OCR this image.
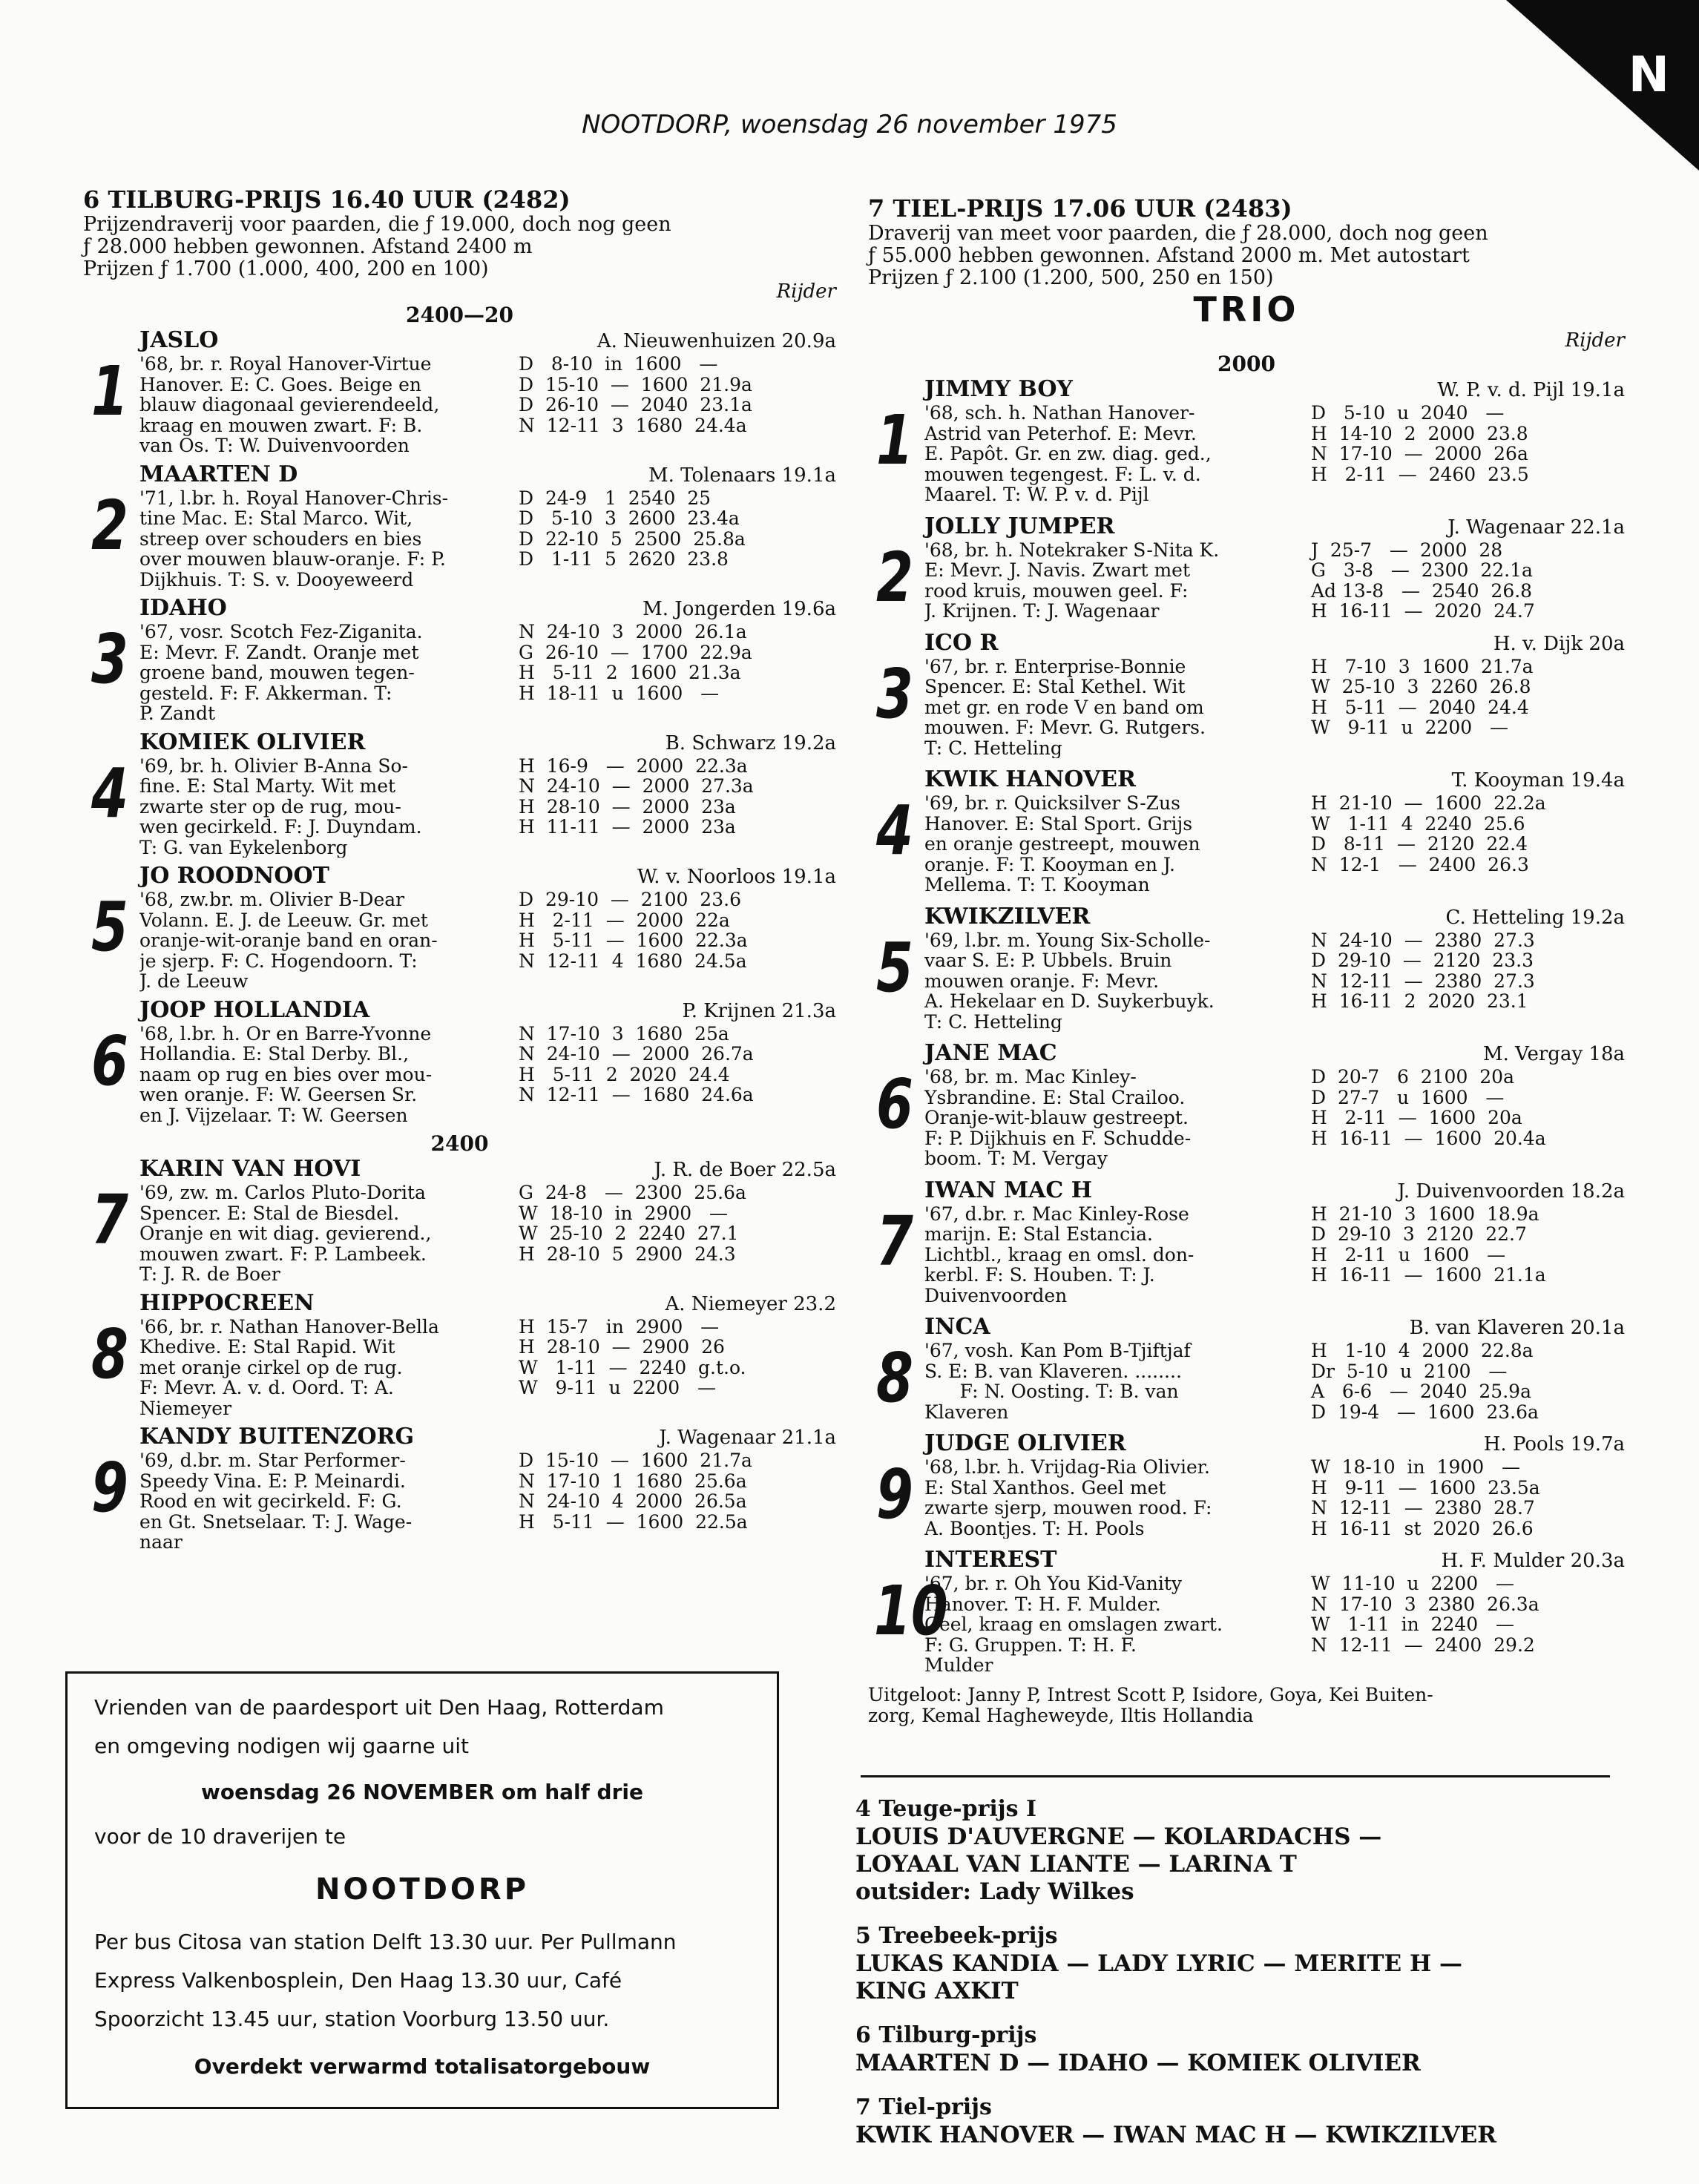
N
NOOTDORP, woensdag 26 november 1975
6 TILBURG-PRIJS 16.40 UUR (2482)
Prijzendraverij voor paarden, die ƒ 19.000, doch nog geen
ƒ 28.000 hebben gewonnen. Afstand 2400 m
Prijzen ƒ 1.700 (1.000, 400, 200 en 100)
Rijder
2400—20
1
JASLO	A. Nieuwenhuizen 20.9a
'68, br. r. Royal Hanover-Virtue
Hanover. E: C. Goes. Beige en
blauw diagonaal gevierendeeld,
kraag en mouwen zwart. F: B.
van Os. T: W. Duivenvoorden
D   8-10  in  1600   —
D  15-10  —  1600  21.9a
D  26-10  —  2040  23.1a
N  12-11  3  1680  24.4a
2
MAARTEN D	M. Tolenaars 19.1a
'71, l.br. h. Royal Hanover-Chris-
tine Mac. E: Stal Marco. Wit,
streep over schouders en bies
over mouwen blauw-oranje. F: P.
Dijkhuis. T: S. v. Dooyeweerd
D  24-9   1  2540  25
D   5-10  3  2600  23.4a
D  22-10  5  2500  25.8a
D   1-11  5  2620  23.8
3
IDAHO	M. Jongerden 19.6a
'67, vosr. Scotch Fez-Ziganita.
E: Mevr. F. Zandt. Oranje met
groene band, mouwen tegen-
gesteld. F: F. Akkerman. T:
P. Zandt
N  24-10  3  2000  26.1a
G  26-10  —  1700  22.9a
H   5-11  2  1600  21.3a
H  18-11  u  1600   —
4
KOMIEK OLIVIER	B. Schwarz 19.2a
'69, br. h. Olivier B-Anna So-
fine. E: Stal Marty. Wit met
zwarte ster op de rug, mou-
wen gecirkeld. F: J. Duyndam.
T: G. van Eykelenborg
H  16-9   —  2000  22.3a
N  24-10  —  2000  27.3a
H  28-10  —  2000  23a
H  11-11  —  2000  23a
5
JO ROODNOOT	W. v. Noorloos 19.1a
'68, zw.br. m. Olivier B-Dear
Volann. E. J. de Leeuw. Gr. met
oranje-wit-oranje band en oran-
je sjerp. F: C. Hogendoorn. T:
J. de Leeuw
D  29-10  —  2100  23.6
H   2-11  —  2000  22a
H   5-11  —  1600  22.3a
N  12-11  4  1680  24.5a
6
JOOP HOLLANDIA	P. Krijnen 21.3a
'68, l.br. h. Or en Barre-Yvonne
Hollandia. E: Stal Derby. Bl.,
naam op rug en bies over mou-
wen oranje. F: W. Geersen Sr.
en J. Vijzelaar. T: W. Geersen
N  17-10  3  1680  25a
N  24-10  —  2000  26.7a
H   5-11  2  2020  24.4
N  12-11  —  1680  24.6a
2400
7
KARIN VAN HOVI	J. R. de Boer 22.5a
'69, zw. m. Carlos Pluto-Dorita
Spencer. E: Stal de Biesdel.
Oranje en wit diag. gevierend.,
mouwen zwart. F: P. Lambeek.
T: J. R. de Boer
G  24-8   —  2300  25.6a
W  18-10  in  2900   —
W  25-10  2  2240  27.1
H  28-10  5  2900  24.3
8
HIPPOCREEN	A. Niemeyer 23.2
'66, br. r. Nathan Hanover-Bella
Khedive. E: Stal Rapid. Wit
met oranje cirkel op de rug.
F: Mevr. A. v. d. Oord. T: A.
Niemeyer
H  15-7   in  2900   —
H  28-10  —  2900  26
W   1-11  —  2240  g.t.o.
W   9-11  u  2200   —
9
KANDY BUITENZORG	J. Wagenaar 21.1a
'69, d.br. m. Star Performer-
Speedy Vina. E: P. Meinardi.
Rood en wit gecirkeld. F: G.
en Gt. Snetselaar. T: J. Wage-
naar
D  15-10  —  1600  21.7a
N  17-10  1  1680  25.6a
N  24-10  4  2000  26.5a
H   5-11  —  1600  22.5a
7 TIEL-PRIJS 17.06 UUR (2483)
Draverij van meet voor paarden, die ƒ 28.000, doch nog geen
ƒ 55.000 hebben gewonnen. Afstand 2000 m. Met autostart
Prijzen ƒ 2.100 (1.200, 500, 250 en 150)
TRIO
Rijder
2000
1
JIMMY BOY	W. P. v. d. Pijl 19.1a
'68, sch. h. Nathan Hanover-
Astrid van Peterhof. E: Mevr.
E. Papôt. Gr. en zw. diag. ged.,
mouwen tegengest. F: L. v. d.
Maarel. T: W. P. v. d. Pijl
D   5-10  u  2040   —
H  14-10  2  2000  23.8
N  17-10  —  2000  26a
H   2-11  —  2460  23.5
2
JOLLY JUMPER	J. Wagenaar 22.1a
'68, br. h. Notekraker S-Nita K.
E: Mevr. J. Navis. Zwart met
rood kruis, mouwen geel. F:
J. Krijnen. T: J. Wagenaar
J  25-7   —  2000  28
G   3-8   —  2300  22.1a
Ad 13-8   —  2540  26.8
H  16-11  —  2020  24.7
3
ICO R	H. v. Dijk 20a
'67, br. r. Enterprise-Bonnie
Spencer. E: Stal Kethel. Wit
met gr. en rode V en band om
mouwen. F: Mevr. G. Rutgers.
T: C. Hetteling
H   7-10  3  1600  21.7a
W  25-10  3  2260  26.8
H   5-11  —  2040  24.4
W   9-11  u  2200   —
4
KWIK HANOVER	T. Kooyman 19.4a
'69, br. r. Quicksilver S-Zus
Hanover. E: Stal Sport. Grijs
en oranje gestreept, mouwen
oranje. F: T. Kooyman en J.
Mellema. T: T. Kooyman
H  21-10  —  1600  22.2a
W   1-11  4  2240  25.6
D   8-11  —  2120  22.4
N  12-1   —  2400  26.3
5
KWIKZILVER	C. Hetteling 19.2a
'69, l.br. m. Young Six-Scholle-
vaar S. E: P. Ubbels. Bruin
mouwen oranje. F: Mevr.
A. Hekelaar en D. Suykerbuyk.
T: C. Hetteling
N  24-10  —  2380  27.3
D  29-10  —  2120  23.3
N  12-11  —  2380  27.3
H  16-11  2  2020  23.1
6
JANE MAC	M. Vergay 18a
'68, br. m. Mac Kinley-
Ysbrandine. E: Stal Crailoo.
Oranje-wit-blauw gestreept.
F: P. Dijkhuis en F. Schudde-
boom. T: M. Vergay
D  20-7   6  2100  20a
D  27-7   u  1600   —
H   2-11  —  1600  20a
H  16-11  —  1600  20.4a
7
IWAN MAC H	J. Duivenvoorden 18.2a
'67, d.br. r. Mac Kinley-Rose
marijn. E: Stal Estancia.
Lichtbl., kraag en omsl. don-
kerbl. F: S. Houben. T: J.
Duivenvoorden
H  21-10  3  1600  18.9a
D  29-10  3  2120  22.7
H   2-11  u  1600   —
H  16-11  —  1600  21.1a
8
INCA	B. van Klaveren 20.1a
'67, vosh. Kan Pom B-Tjiftjaf
S. E: B. van Klaveren. ........
F: N. Oosting. T: B. van
Klaveren
H   1-10  4  2000  22.8a
Dr  5-10  u  2100   —
A   6-6   —  2040  25.9a
D  19-4   —  1600  23.6a
9
JUDGE OLIVIER	H. Pools 19.7a
'68, l.br. h. Vrijdag-Ria Olivier.
E: Stal Xanthos. Geel met
zwarte sjerp, mouwen rood. F:
A. Boontjes. T: H. Pools
W  18-10  in  1900   —
H   9-11  —  1600  23.5a
N  12-11  —  2380  28.7
H  16-11  st  2020  26.6
10
INTEREST	H. F. Mulder 20.3a
'67, br. r. Oh You Kid-Vanity
Hanover. T: H. F. Mulder.
Geel, kraag en omslagen zwart.
F: G. Gruppen. T: H. F.
Mulder
W  11-10  u  2200   —
N  17-10  3  2380  26.3a
W   1-11  in  2240   —
N  12-11  —  2400  29.2
Uitgeloot: Janny P, Intrest Scott P, Isidore, Goya, Kei Buiten-
zorg, Kemal Hagheweyde, Iltis Hollandia
Vrienden van de paardesport uit Den Haag, Rotterdam
en omgeving nodigen wij gaarne uit
woensdag 26 NOVEMBER om half drie
voor de 10 draverijen te
NOOTDORP
Per bus Citosa van station Delft 13.30 uur. Per Pullmann
Express Valkenbosplein, Den Haag 13.30 uur, Café
Spoorzicht 13.45 uur, station Voorburg 13.50 uur.
Overdekt verwarmd totalisatorgebouw
4 Teuge-prijs I
LOUIS D'AUVERGNE — KOLARDACHS —
LOYAAL VAN LIANTE — LARINA T
outsider: Lady Wilkes
5 Treebeek-prijs
LUKAS KANDIA — LADY LYRIC — MERITE H —
KING AXKIT
6 Tilburg-prijs
MAARTEN D — IDAHO — KOMIEK OLIVIER
7 Tiel-prijs
KWIK HANOVER — IWAN MAC H — KWIKZILVER
